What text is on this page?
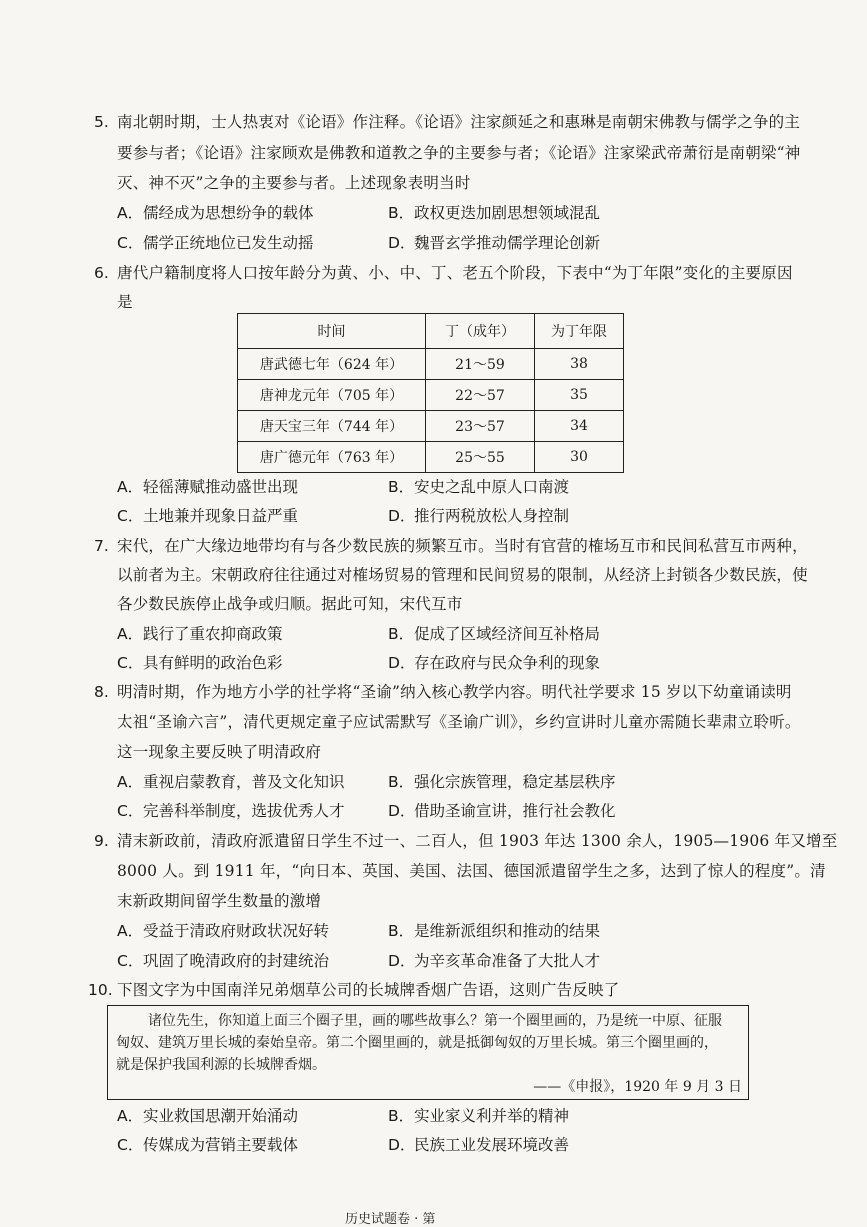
5. 南北朝时期，士人热衷对《论语》作注释。《论语》注家颜延之和惠琳是南朝宋佛教与儒学之争的主
要参与者；《论语》注家顾欢是佛教和道教之争的主要参与者；《论语》注家梁武帝萧衍是南朝梁“神
灭、神不灭”之争的主要参与者。上述现象表明当时
A．儒经成为思想纷争的载体	B．政权更迭加剧思想领域混乱
C．儒学正统地位已发生动摇	D．魏晋玄学推动儒学理论创新
6. 唐代户籍制度将人口按年龄分为黄、小、中、丁、老五个阶段，下表中“为丁年限”变化的主要原因
是
时间	丁（成年）	为丁年限
唐武德七年（624 年）	21～59	38
唐神龙元年（705 年）	22～57	35
唐天宝三年（744 年）	23～57	34
唐广德元年（763 年）	25～55	30
A．轻徭薄赋推动盛世出现	B．安史之乱中原人口南渡
C．土地兼并现象日益严重	D．推行两税放松人身控制
7. 宋代，在广大缘边地带均有与各少数民族的频繁互市。当时有官营的榷场互市和民间私营互市两种，
以前者为主。宋朝政府往往通过对榷场贸易的管理和民间贸易的限制，从经济上封锁各少数民族，使
各少数民族停止战争或归顺。据此可知，宋代互市
A．践行了重农抑商政策	B．促成了区域经济间互补格局
C．具有鲜明的政治色彩	D．存在政府与民众争利的现象
8. 明清时期，作为地方小学的社学将“圣谕”纳入核心教学内容。明代社学要求 15 岁以下幼童诵读明
太祖“圣谕六言”，清代更规定童子应试需默写《圣谕广训》，乡约宣讲时儿童亦需随长辈肃立聆听。
这一现象主要反映了明清政府
A．重视启蒙教育，普及文化知识	B．强化宗族管理，稳定基层秩序
C．完善科举制度，选拔优秀人才	D．借助圣谕宣讲，推行社会教化
9. 清末新政前，清政府派遣留日学生不过一、二百人，但 1903 年达 1300 余人，1905—1906 年又增至
8000 人。到 1911 年，“向日本、英国、美国、法国、德国派遣留学生之多，达到了惊人的程度”。清
末新政期间留学生数量的激增
A．受益于清政府财政状况好转	B．是维新派组织和推动的结果
C．巩固了晚清政府的封建统治	D．为辛亥革命准备了大批人才
10. 下图文字为中国南洋兄弟烟草公司的长城牌香烟广告语，这则广告反映了
诸位先生，你知道上面三个圈子里，画的哪些故事么？第一个圈里画的，乃是统一中原、征服
匈奴、建筑万里长城的秦始皇帝。第二个圈里画的，就是抵御匈奴的万里长城。第三个圈里画的，
就是保护我国利源的长城牌香烟。
——《申报》，1920 年 9 月 3 日
A．实业救国思潮开始涌动	B．实业家义利并举的精神
C．传媒成为营销主要载体	D．民族工业发展环境改善
历史试题卷 · 第
